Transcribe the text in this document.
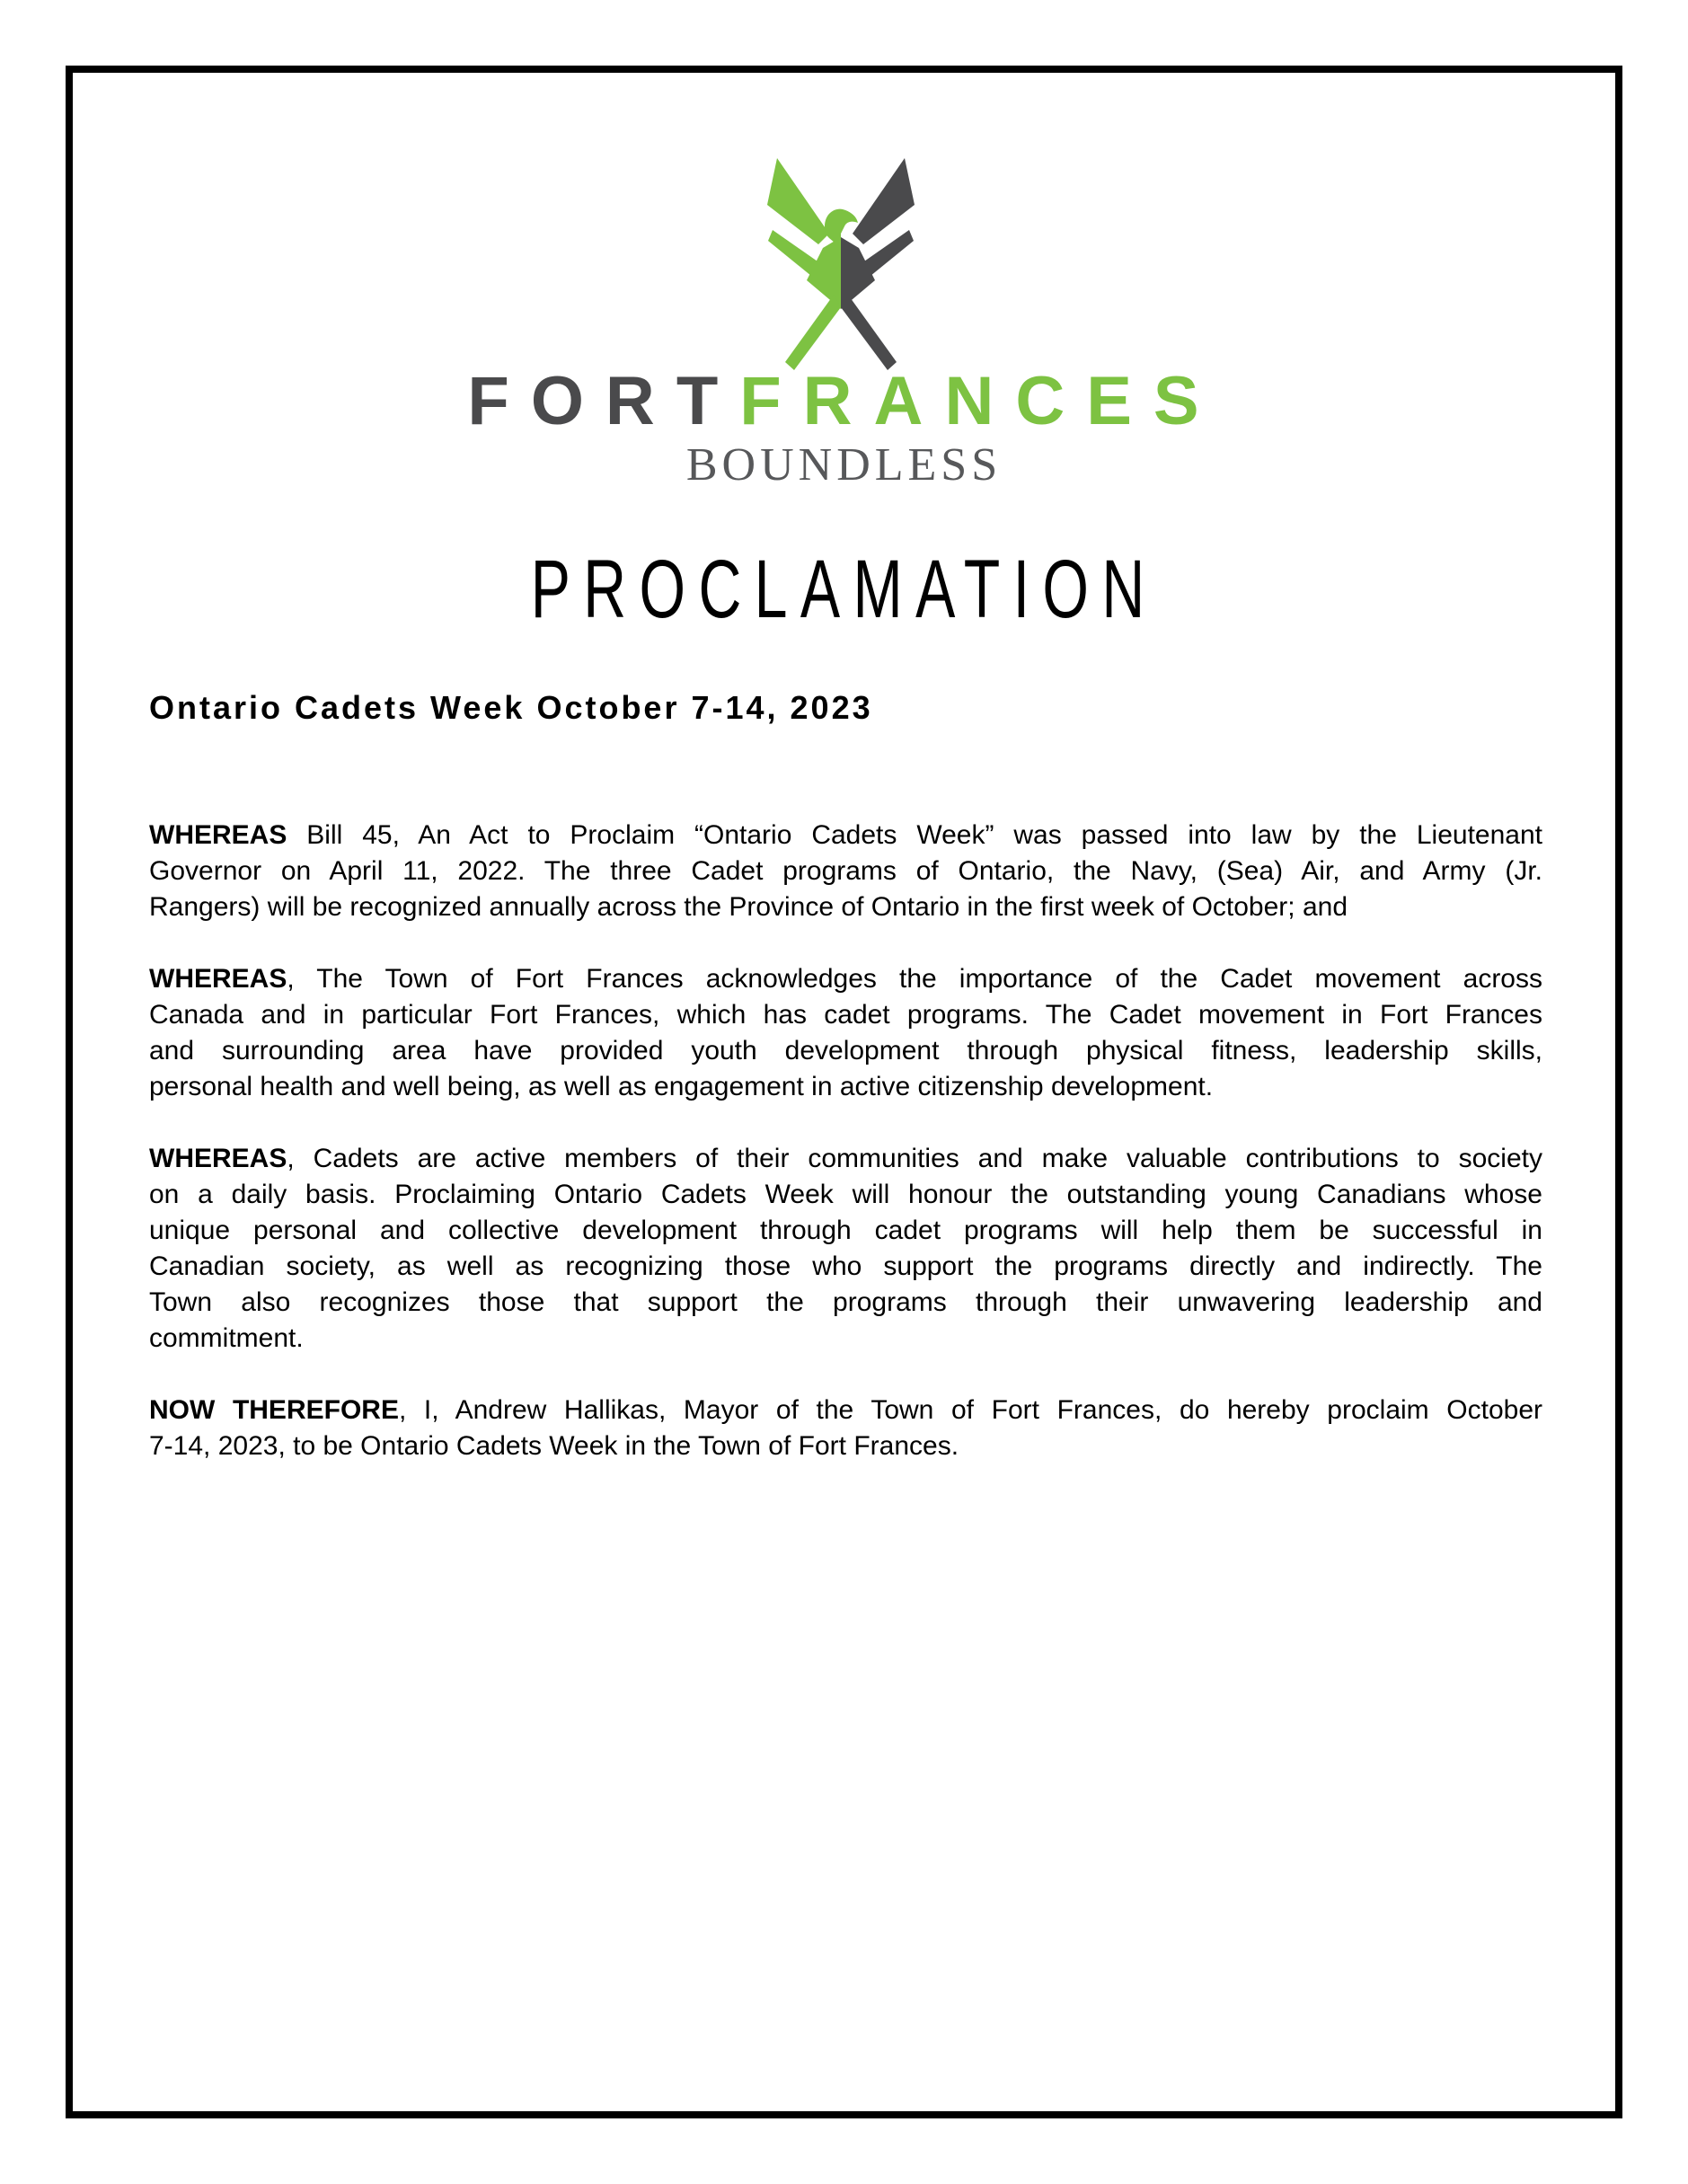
FORTFRANCES
BOUNDLESS
PROCLAMATION
Ontario Cadets Week October 7-14, 2023
WHEREAS Bill 45, An Act to Proclaim “Ontario Cadets Week” was passed into law by the Lieutenant
Governor on April 11, 2022. The three Cadet programs of Ontario, the Navy, (Sea) Air, and Army (Jr.
Rangers) will be recognized annually across the Province of Ontario in the first week of October; and
WHEREAS, The Town of Fort Frances acknowledges the importance of the Cadet movement across
Canada and in particular Fort Frances, which has cadet programs. The Cadet movement in Fort Frances
and surrounding area have provided youth development through physical fitness, leadership skills,
personal health and well being, as well as engagement in active citizenship development.
WHEREAS, Cadets are active members of their communities and make valuable contributions to society
on a daily basis. Proclaiming Ontario Cadets Week will honour the outstanding young Canadians whose
unique personal and collective development through cadet programs will help them be successful in
Canadian society, as well as recognizing those who support the programs directly and indirectly. The
Town also recognizes those that support the programs through their unwavering leadership and
commitment.
NOW THEREFORE, I, Andrew Hallikas, Mayor of the Town of Fort Frances, do hereby proclaim October
7-14, 2023, to be Ontario Cadets Week in the Town of Fort Frances.
